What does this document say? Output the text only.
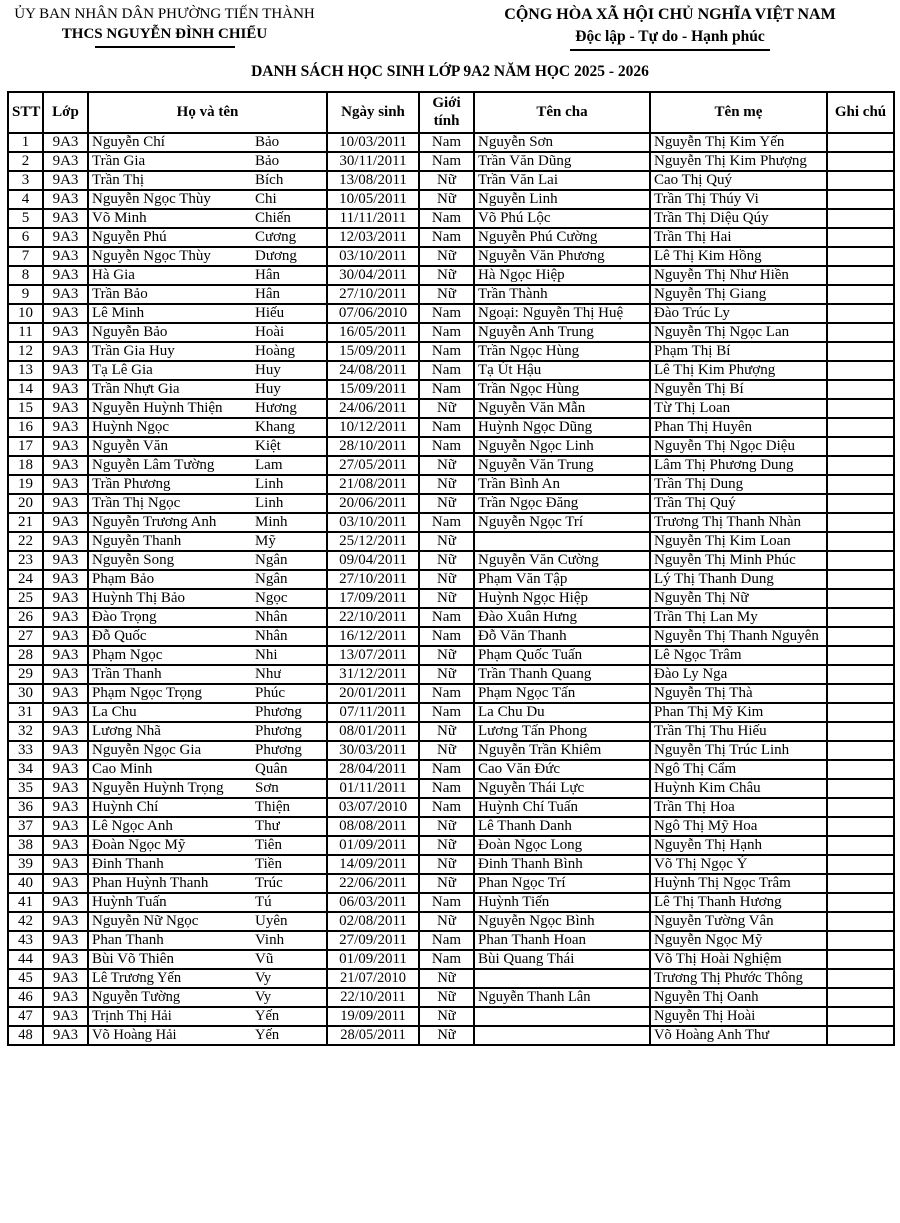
ỦY BAN NHÂN DÂN PHƯỜNG TIẾN THÀNH
THCS NGUYỄN ĐÌNH CHIỂU
CỘNG HÒA XÃ HỘI CHỦ NGHĨA VIỆT NAM
Độc lập - Tự do - Hạnh phúc
DANH SÁCH HỌC SINH LỚP 9A2 NĂM HỌC 2025 - 2026
STT	Lớp	Họ và tên	Ngày sinh	Giới tính	Tên cha	Tên mẹ	Ghi chú
1	9A3	Nguyễn Chí Bảo	10/03/2011	Nam	Nguyễn Sơn	Nguyễn Thị Kim Yến	
2	9A3	Trần Gia Bảo	30/11/2011	Nam	Trần Văn Dũng	Nguyễn Thị Kim Phượng	
3	9A3	Trần Thị Bích	13/08/2011	Nữ	Trần Văn Lai	Cao Thị Quý	
4	9A3	Nguyễn Ngọc Thùy Chi	10/05/2011	Nữ	Nguyễn Linh	Trần Thị Thúy Vi	
5	9A3	Võ Minh Chiến	11/11/2011	Nam	Võ Phú Lộc	Trần Thị Diệu Qúy	
6	9A3	Nguyễn Phú Cương	12/03/2011	Nam	Nguyễn Phú Cường	Trần Thị Hai	
7	9A3	Nguyễn Ngọc Thùy Dương	03/10/2011	Nữ	Nguyễn Văn Phương	Lê Thị Kim Hồng	
8	9A3	Hà Gia Hân	30/04/2011	Nữ	Hà Ngọc Hiệp	Nguyễn Thị Như Hiền	
9	9A3	Trần Bảo Hân	27/10/2011	Nữ	Trần Thành	Nguyễn Thị Giang	
10	9A3	Lê Minh Hiếu	07/06/2010	Nam	Ngoại: Nguyễn Thị Huệ	Đào Trúc Ly	
11	9A3	Nguyễn Bảo Hoài	16/05/2011	Nam	Nguyễn Anh Trung	Nguyễn Thị Ngọc Lan	
12	9A3	Trần Gia Huy Hoàng	15/09/2011	Nam	Trần Ngọc Hùng	Phạm Thị Bí	
13	9A3	Tạ Lê Gia Huy	24/08/2011	Nam	Tạ Út Hậu	Lê Thị Kim Phượng	
14	9A3	Trần Nhựt Gia Huy	15/09/2011	Nam	Trần Ngọc Hùng	Nguyễn Thị Bí	
15	9A3	Nguyễn Huỳnh Thiện Hương	24/06/2011	Nữ	Nguyễn Văn Mẫn	Từ Thị Loan	
16	9A3	Huỳnh Ngọc Khang	10/12/2011	Nam	Huỳnh Ngọc Dũng	Phan Thị Huyên	
17	9A3	Nguyễn Văn Kiệt	28/10/2011	Nam	Nguyễn Ngọc Linh	Nguyễn Thị Ngọc Diệu	
18	9A3	Nguyễn Lâm Tường Lam	27/05/2011	Nữ	Nguyễn Văn Trung	Lâm Thị Phương Dung	
19	9A3	Trần Phương Linh	21/08/2011	Nữ	Trần Bình An	Trần Thị Dung	
20	9A3	Trần Thị Ngọc Linh	20/06/2011	Nữ	Trần Ngọc Đăng	Trần Thị Quý	
21	9A3	Nguyễn Trương Anh Minh	03/10/2011	Nam	Nguyễn Ngọc Trí	Trương Thị Thanh Nhàn	
22	9A3	Nguyễn Thanh Mỹ	25/12/2011	Nữ		Nguyễn Thị Kim Loan	
23	9A3	Nguyễn Song Ngân	09/04/2011	Nữ	Nguyễn Văn Cường	Nguyễn Thị Minh Phúc	
24	9A3	Phạm Bảo Ngân	27/10/2011	Nữ	Phạm Văn Tập	Lý Thị Thanh Dung	
25	9A3	Huỳnh Thị Bảo Ngọc	17/09/2011	Nữ	Huỳnh Ngọc Hiệp	Nguyễn Thị Nữ	
26	9A3	Đào Trọng Nhân	22/10/2011	Nam	Đào Xuân Hưng	Trần Thị Lan My	
27	9A3	Đỗ Quốc Nhân	16/12/2011	Nam	Đỗ Văn Thanh	Nguyễn Thị Thanh Nguyên	
28	9A3	Phạm Ngọc Nhi	13/07/2011	Nữ	Phạm Quốc Tuấn	Lê Ngọc Trâm	
29	9A3	Trần Thanh Như	31/12/2011	Nữ	Trần Thanh Quang	Đào Ly Nga	
30	9A3	Phạm Ngọc Trọng Phúc	20/01/2011	Nam	Phạm Ngọc Tấn	Nguyễn Thị Thà	
31	9A3	La Chu Phương	07/11/2011	Nam	La Chu Du	Phan Thị Mỹ Kim	
32	9A3	Lương Nhã Phương	08/01/2011	Nữ	Lương Tấn Phong	Trần Thị Thu Hiếu	
33	9A3	Nguyễn Ngọc Gia Phương	30/03/2011	Nữ	Nguyễn Trần Khiêm	Nguyễn Thị Trúc Linh	
34	9A3	Cao Minh Quân	28/04/2011	Nam	Cao Văn Đức	Ngô Thị Cẩm	
35	9A3	Nguyễn Huỳnh Trọng Sơn	01/11/2011	Nam	Nguyễn Thái Lực	Huỳnh Kim Châu	
36	9A3	Huỳnh Chí Thiện	03/07/2010	Nam	Huỳnh Chí Tuấn	Trần Thị Hoa	
37	9A3	Lê Ngọc Anh Thư	08/08/2011	Nữ	Lê Thanh Danh	Ngô Thị Mỹ Hoa	
38	9A3	Đoàn Ngọc Mỹ Tiên	01/09/2011	Nữ	Đoàn Ngọc Long	Nguyễn Thị Hạnh	
39	9A3	Đinh Thanh Tiền	14/09/2011	Nữ	Đinh Thanh Bình	Võ Thị Ngọc Ý	
40	9A3	Phan Huỳnh Thanh Trúc	22/06/2011	Nữ	Phan Ngọc Trí	Huỳnh Thị Ngọc Trâm	
41	9A3	Huỳnh Tuấn Tú	06/03/2011	Nam	Huỳnh Tiến	Lê Thị Thanh Hương	
42	9A3	Nguyễn Nữ Ngọc Uyên	02/08/2011	Nữ	Nguyễn Ngọc Bình	Nguyễn Tường Vân	
43	9A3	Phan Thanh Vinh	27/09/2011	Nam	Phan Thanh Hoan	Nguyễn Ngọc Mỹ	
44	9A3	Bùi Võ Thiên Vũ	01/09/2011	Nam	Bùi Quang Thái	Võ Thị Hoài Nghiệm	
45	9A3	Lê Trương Yến Vy	21/07/2010	Nữ		Trương Thị Phước Thông	
46	9A3	Nguyễn Tường Vy	22/10/2011	Nữ	Nguyễn Thanh Lân	Nguyễn Thị Oanh	
47	9A3	Trịnh Thị Hải Yến	19/09/2011	Nữ		Nguyễn Thị Hoài	
48	9A3	Võ Hoàng Hải Yến	28/05/2011	Nữ		Võ Hoàng Anh Thư	
